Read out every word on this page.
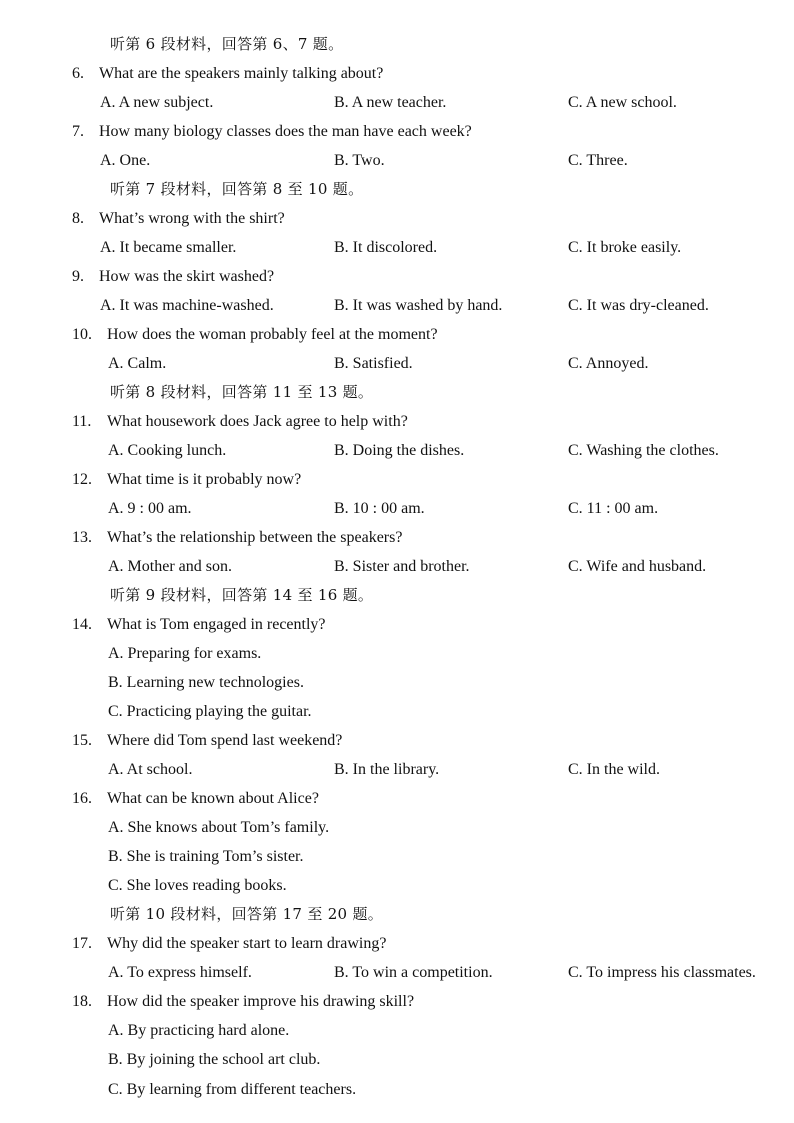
听第 6 段材料，回答第 6、7 题。
6. What are the speakers mainly talking about?
A. A new subject.	B. A new teacher.	C. A new school.
7. How many biology classes does the man have each week?
A. One.	B. Two.	C. Three.
听第 7 段材料，回答第 8 至 10 题。
8. What’s wrong with the shirt?
A. It became smaller.	B. It discolored.	C. It broke easily.
9. How was the skirt washed?
A. It was machine-washed.	B. It was washed by hand.	C. It was dry-cleaned.
10. How does the woman probably feel at the moment?
A. Calm.	B. Satisfied.	C. Annoyed.
听第 8 段材料，回答第 11 至 13 题。
11. What housework does Jack agree to help with?
A. Cooking lunch.	B. Doing the dishes.	C. Washing the clothes.
12. What time is it probably now?
A. 9 : 00 am.	B. 10 : 00 am.	C. 11 : 00 am.
13. What’s the relationship between the speakers?
A. Mother and son.	B. Sister and brother.	C. Wife and husband.
听第 9 段材料，回答第 14 至 16 题。
14. What is Tom engaged in recently?
A. Preparing for exams.
B. Learning new technologies.
C. Practicing playing the guitar.
15. Where did Tom spend last weekend?
A. At school.	B. In the library.	C. In the wild.
16. What can be known about Alice?
A. She knows about Tom’s family.
B. She is training Tom’s sister.
C. She loves reading books.
听第 10 段材料，回答第 17 至 20 题。
17. Why did the speaker start to learn drawing?
A. To express himself.	B. To win a competition.	C. To impress his classmates.
18. How did the speaker improve his drawing skill?
A. By practicing hard alone.
B. By joining the school art club.
C. By learning from different teachers.
